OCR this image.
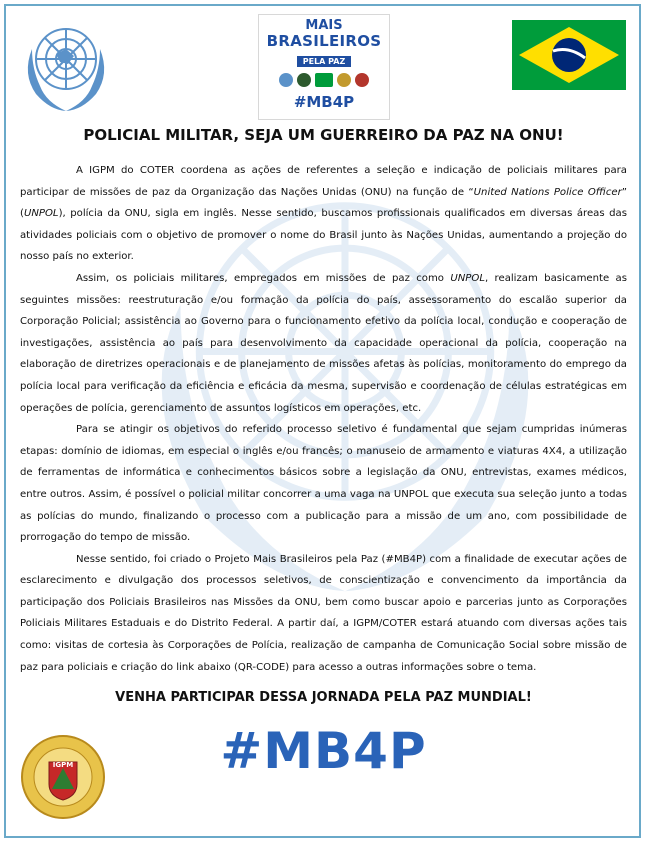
MAIS
BRASILEIROS
PELA PAZ
#MB4P
POLICIAL MILITAR, SEJA UM GUERREIRO DA PAZ NA ONU!

A IGPM do COTER coordena as ações de referentes a seleção e indicação de policiais militares para participar de missões de paz da Organização das Nações Unidas (ONU) na função de “United Nations Police Officer” (UNPOL), polícia da ONU, sigla em inglês. Nesse sentido, buscamos profissionais qualificados em diversas áreas das atividades policiais com o objetivo de promover o nome do Brasil junto às Nações Unidas, aumentando a projeção do nosso país no exterior.

Assim, os policiais militares, empregados em missões de paz como UNPOL, realizam basicamente as seguintes missões: reestruturação e/ou formação da polícia do país, assessoramento do escalão superior da Corporação Policial; assistência ao Governo para o funcionamento efetivo da polícia local, condução e cooperação de investigações, assistência ao país para desenvolvimento da capacidade operacional da polícia, cooperação na elaboração de diretrizes operacionais e de planejamento de missões afetas às polícias, monitoramento do emprego da polícia local para verificação da eficiência e eficácia da mesma, supervisão e coordenação de células estratégicas em operações de polícia, gerenciamento de assuntos logísticos em operações, etc.

Para se atingir os objetivos do referido processo seletivo é fundamental que sejam cumpridas inúmeras etapas: domínio de idiomas, em especial o inglês e/ou francês; o manuseio de armamento e viaturas 4X4, a utilização de ferramentas de informática e conhecimentos básicos sobre a legislação da ONU, entrevistas, exames médicos, entre outros. Assim, é possível o policial militar concorrer a uma vaga na UNPOL que executa sua seleção junto a todas as polícias do mundo, finalizando o processo com a publicação para a missão de um ano, com possibilidade de prorrogação do tempo de missão.

Nesse sentido, foi criado o Projeto Mais Brasileiros pela Paz (#MB4P) com a finalidade de executar ações de esclarecimento e divulgação dos processos seletivos, de conscientização e convencimento da importância da participação dos Policiais Brasileiros nas Missões da ONU, bem como buscar apoio e parcerias junto as Corporações Policiais Militares Estaduais e do Distrito Federal. A partir daí, a IGPM/COTER estará atuando com diversas ações tais como: visitas de cortesia às Corporações de Polícia, realização de campanha de Comunicação Social sobre missão de paz para policiais e criação do link abaixo (QR-CODE) para acesso a outras informações sobre o tema.

VENHA PARTICIPAR DESSA JORNADA PELA PAZ MUNDIAL!
#MB4P
IGPM
